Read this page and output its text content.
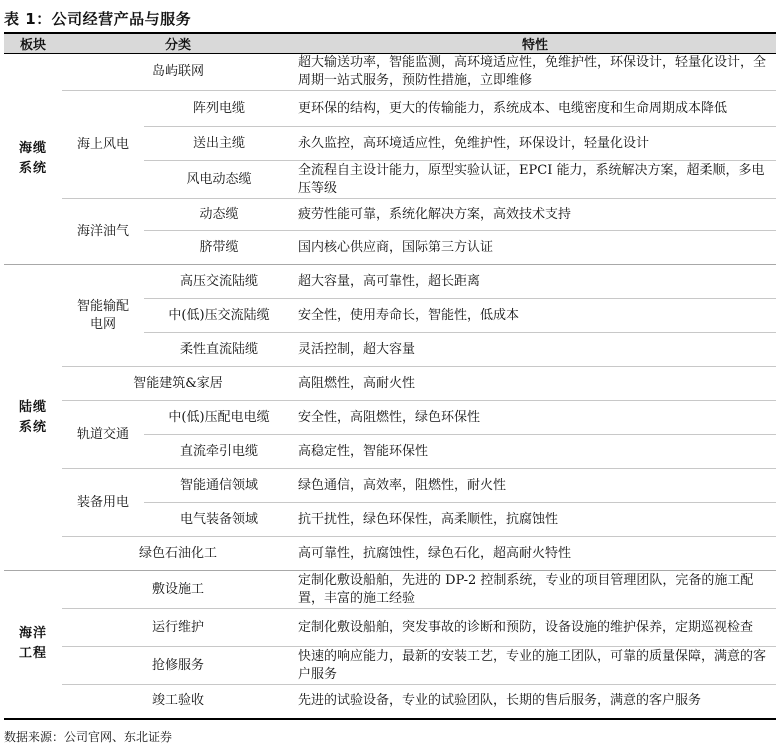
表 1：公司经营产品与服务
板块	分类		特性
海缆系统	岛屿联网		超大输送功率，智能监测，高环境适应性，免维护性，环保设计，轻量化设计，全周期一站式服务，预防性措施，立即维修
	海上风电	阵列电缆	更环保的结构，更大的传输能力，系统成本、电缆密度和生命周期成本降低
		送出主缆	永久监控，高环境适应性，免维护性，环保设计，轻量化设计
		风电动态缆	全流程自主设计能力，原型实验认证，EPCI 能力，系统解决方案，超柔顺，多电压等级
	海洋油气	动态缆	疲劳性能可靠，系统化解决方案，高效技术支持
		脐带缆	国内核心供应商，国际第三方认证
陆缆系统	智能输配电网	高压交流陆缆	超大容量，高可靠性，超长距离
		中(低)压交流陆缆	安全性，使用寿命长，智能性，低成本
		柔性直流陆缆	灵活控制，超大容量
	智能建筑&家居		高阻燃性，高耐火性
	轨道交通	中(低)压配电电缆	安全性，高阻燃性，绿色环保性
		直流牵引电缆	高稳定性，智能环保性
	装备用电	智能通信领域	绿色通信，高效率，阻燃性，耐火性
		电气装备领域	抗干扰性，绿色环保性，高柔顺性，抗腐蚀性
	绿色石油化工		高可靠性，抗腐蚀性，绿色石化，超高耐火特性
海洋工程	敷设施工		定制化敷设船舶，先进的 DP-2 控制系统，专业的项目管理团队，完备的施工配置，丰富的施工经验
	运行维护		定制化敷设船舶，突发事故的诊断和预防，设备设施的维护保养，定期巡视检查
	抢修服务		快速的响应能力，最新的安装工艺，专业的施工团队，可靠的质量保障，满意的客户服务
	竣工验收		先进的试验设备，专业的试验团队，长期的售后服务，满意的客户服务
数据来源：公司官网、东北证券
